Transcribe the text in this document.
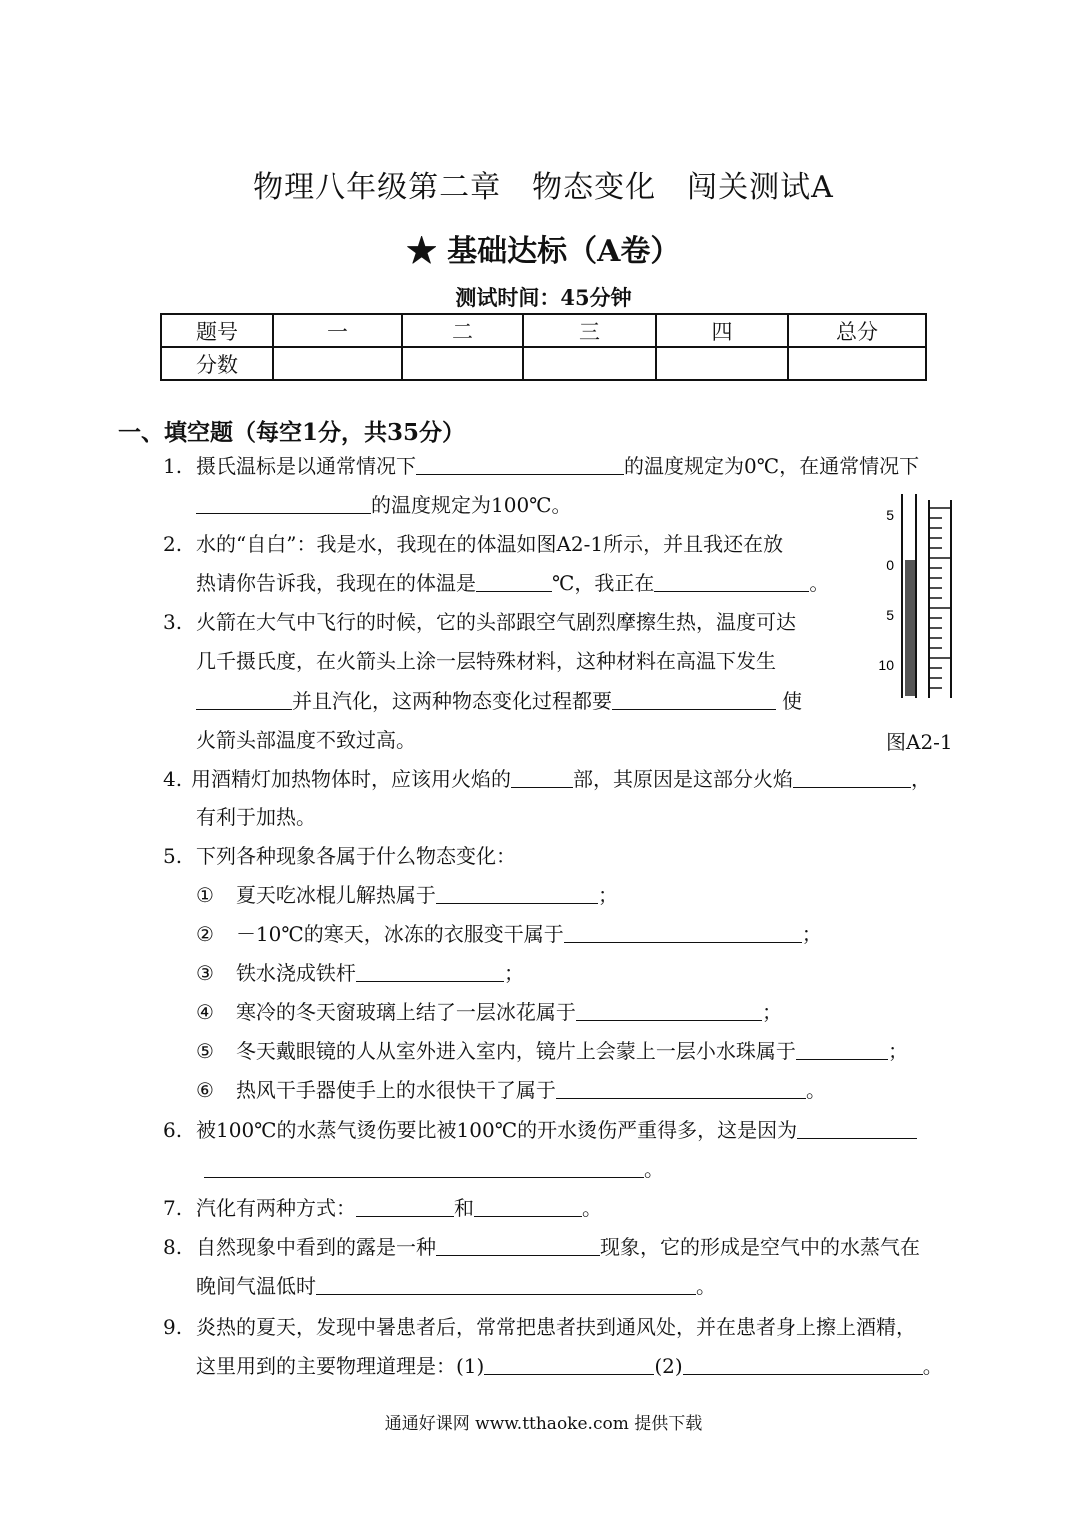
物理八年级第二章　物态变化　闯关测试A
★ 基础达标（A卷）
测试时间：45分钟
题号	一	二	三	四	总分
分数					
一、填空题（每空1分，共35分）
1. 摄氏温标是以通常情况下	的温度规定为0℃，在通常情况下
的温度规定为100℃。
2. 水的“自白”：我是水，我现在的体温如图A2-1所示，并且我还在放
热请你告诉我，我现在的体温是	℃，我正在	。
3. 火箭在大气中飞行的时候，它的头部跟空气剧烈摩擦生热，温度可达
几千摄氏度，在火箭头上涂一层特殊材料，这种材料在高温下发生
并且汽化，这两种物态变化过程都要	使
火箭头部温度不致过高。
5
0
5
10
图A2-1
4. 用酒精灯加热物体时，应该用火焰的	部，其原因是这部分火焰	，
有利于加热。
5. 下列各种现象各属于什么物态变化：
① 夏天吃冰棍儿解热属于	；
② －10℃的寒天，冰冻的衣服变干属于	；
③ 铁水浇成铁杆	；
④ 寒冷的冬天窗玻璃上结了一层冰花属于	；
⑤ 冬天戴眼镜的人从室外进入室内，镜片上会蒙上一层小水珠属于	；
⑥ 热风干手器使手上的水很快干了属于	。
6. 被100℃的水蒸气烫伤要比被100℃的开水烫伤严重得多，这是因为
。
7. 汽化有两种方式：	和	。
8. 自然现象中看到的露是一种	现象，它的形成是空气中的水蒸气在
晚间气温低时	。
9. 炎热的夏天，发现中暑患者后，常常把患者扶到通风处，并在患者身上擦上酒精，
这里用到的主要物理道理是：(1)	(2)	。
通通好课网 www.tthaoke.com 提供下载
